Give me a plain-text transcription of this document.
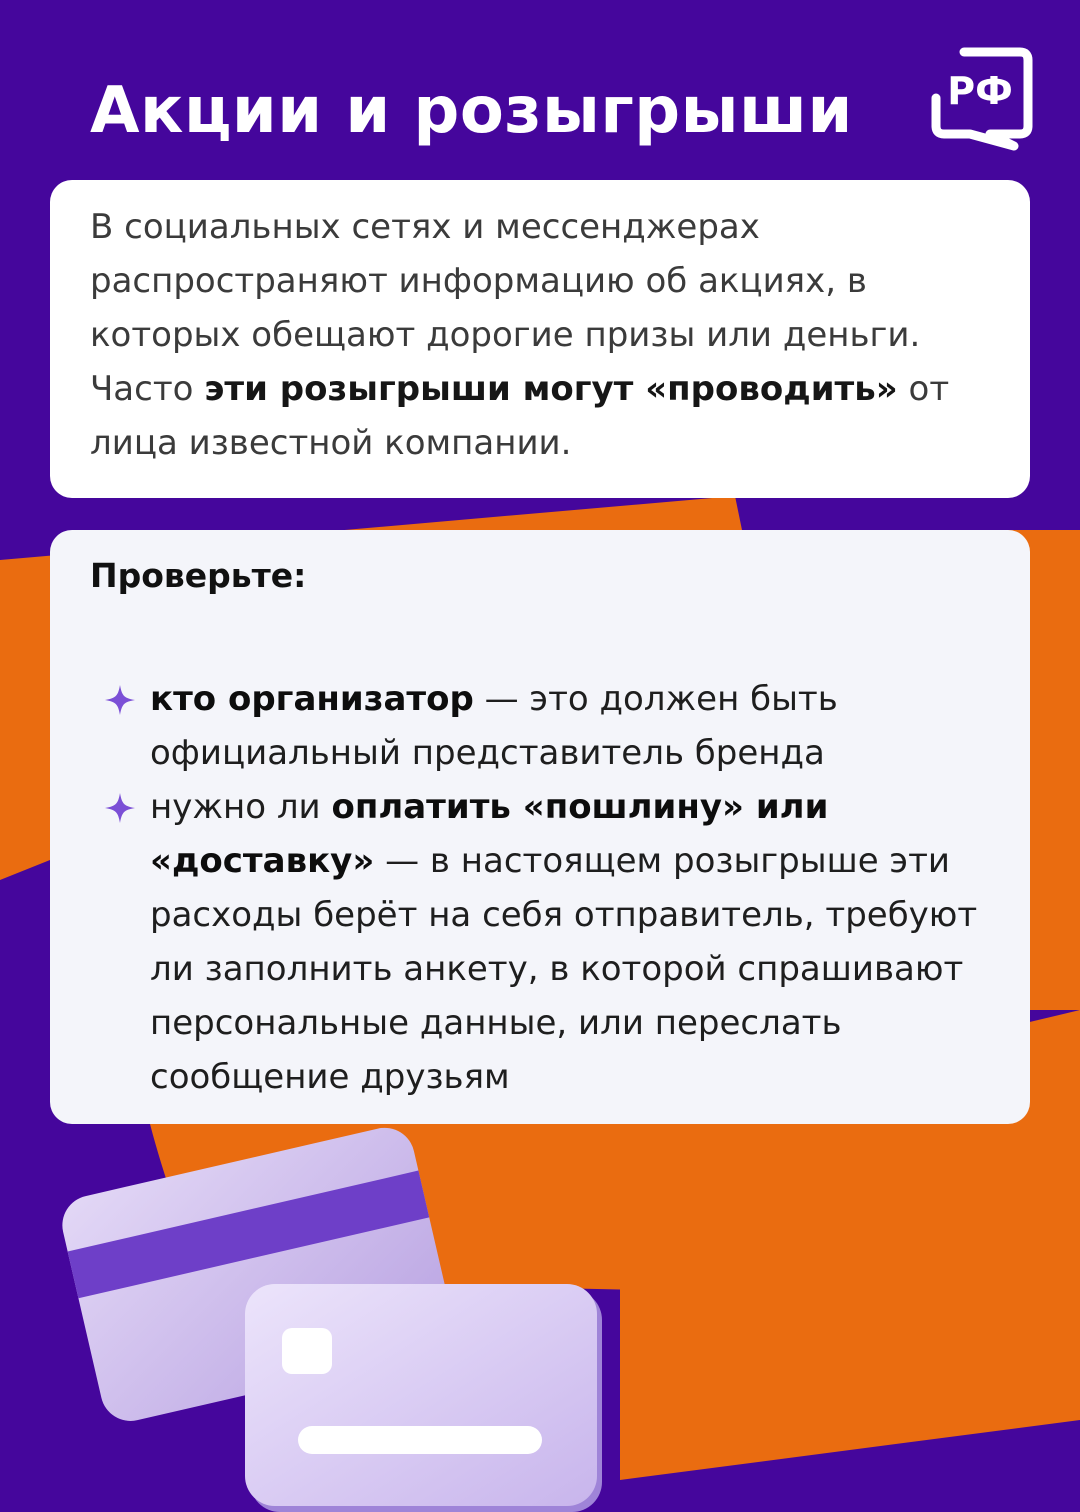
Акции и розыгрыши РФ

В социальных сетях и мессенджерах распространяют информацию об акциях, в которых обещают дорогие призы или деньги. Часто эти розыгрыши могут «проводить» от лица известной компании.

Проверьте:
кто организатор — это должен быть официальный представитель бренда
нужно ли оплатить «пошлину» или «доставку» — в настоящем розыгрыше эти расходы берёт на себя отправитель, требуют ли заполнить анкету, в которой спрашивают персональные данные, или переслать сообщение друзьям
